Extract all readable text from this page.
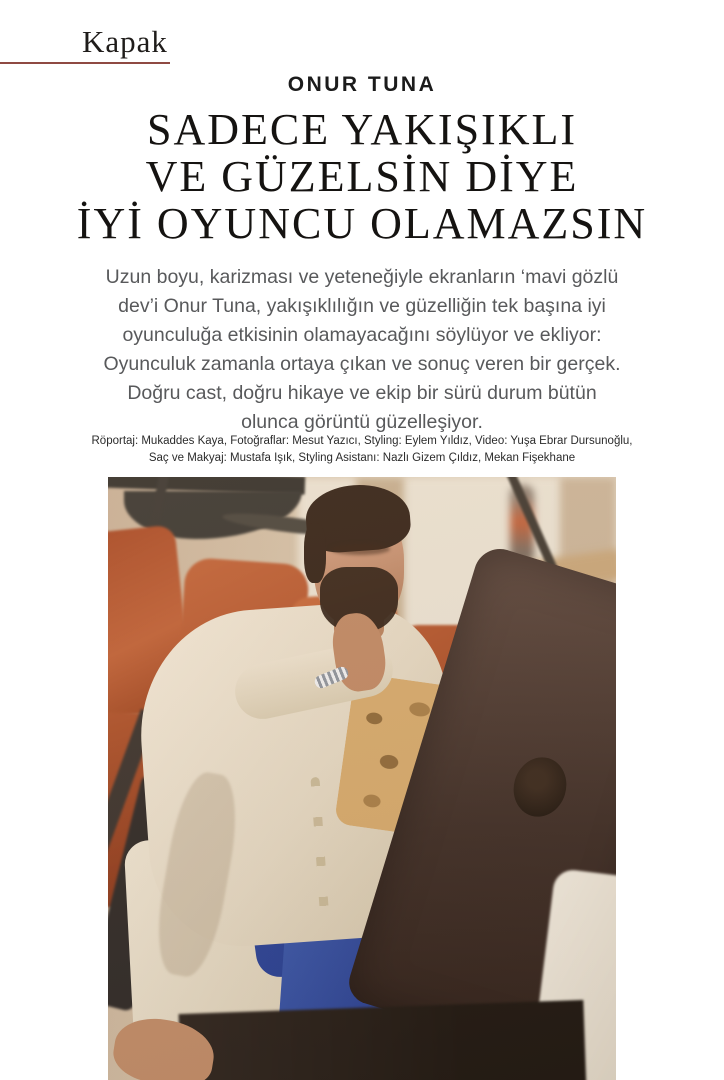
Kapak
ONUR TUNA
SADECE YAKIŞIKLI
VE GÜZELSİN DİYE
İYİ OYUNCU OLAMAZSIN
Uzun boyu, karizması ve yeteneğiyle ekranların ‘mavi gözlü
dev’i Onur Tuna, yakışıklılığın ve güzelliğin tek başına iyi
oyunculuğa etkisinin olamayacağını söylüyor ve ekliyor:
Oyunculuk zamanla ortaya çıkan ve sonuç veren bir gerçek.
Doğru cast, doğru hikaye ve ekip bir sürü durum bütün
olunca görüntü güzelleşiyor.
Röportaj: Mukaddes Kaya, Fotoğraflar: Mesut Yazıcı, Styling: Eylem Yıldız, Video: Yuşa Ebrar Dursunoğlu,
Saç ve Makyaj: Mustafa Işık, Styling Asistanı: Nazlı Gizem Çıldız, Mekan Fişekhane
